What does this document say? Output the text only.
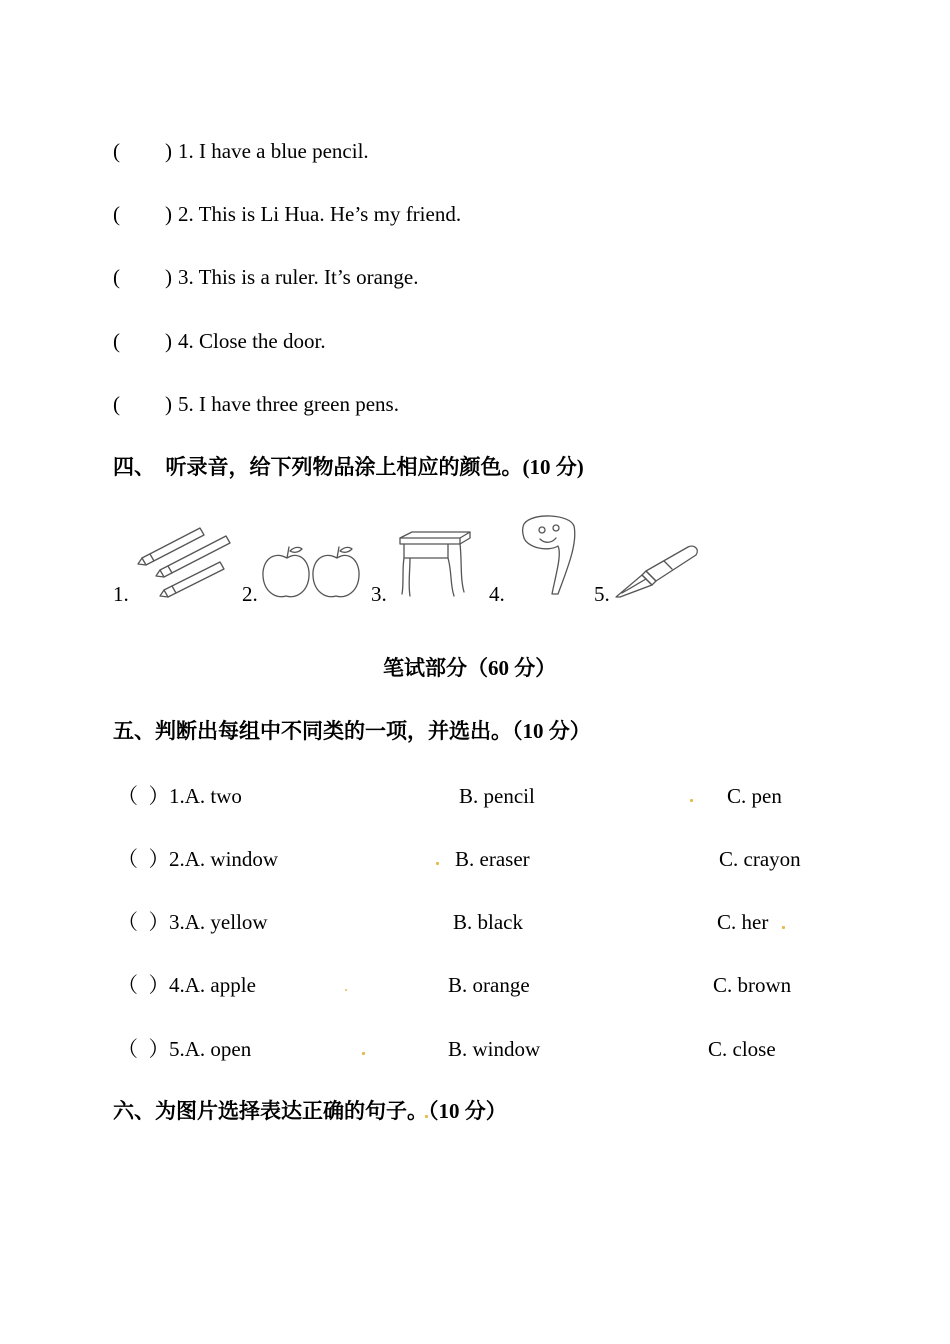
( ) 1. I have a blue pencil.
( ) 2. This is Li Hua. He’s my friend.
( ) 3. This is a ruler. It’s orange.
( ) 4. Close the door.
( ) 5. I have three green pens.
四、  听录音，给下列物品涂上相应的颜色。(10 分)
1.	2.	3.	4.	5.
笔试部分（60 分）
五、判断出每组中不同类的一项，并选出。（10 分）
（  ） 1.A. two	B. pencil	C. pen
（  ） 2.A. window	B. eraser	C. crayon
（  ） 3.A. yellow	B. black	C. her
（  ） 4.A. apple	B. orange	C. brown
（  ） 5.A. open	B. window	C. close
六、为图片选择表达正确的句子。（10 分）
